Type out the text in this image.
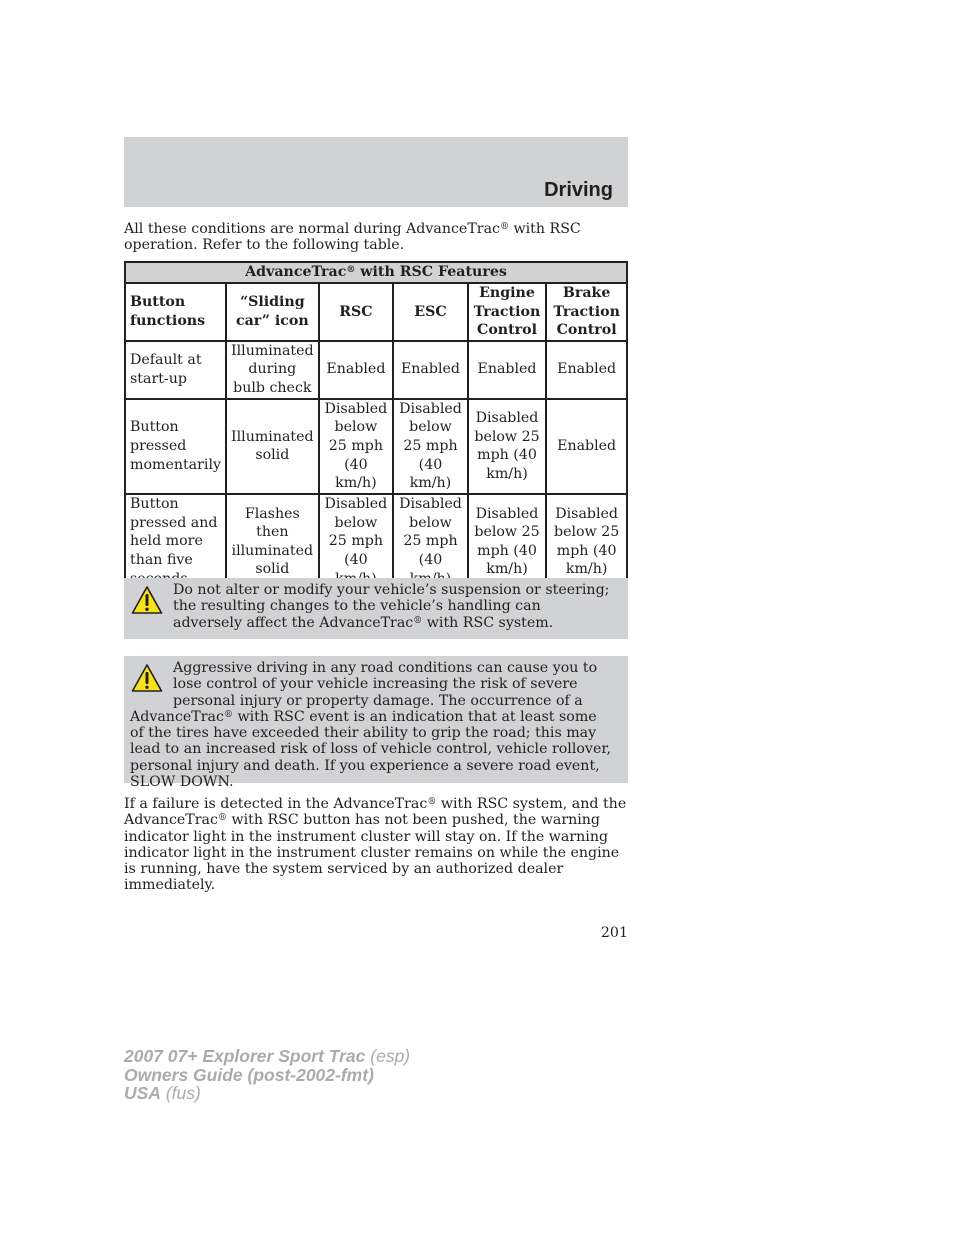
Driving
All these conditions are normal during AdvanceTrac® with RSC operation. Refer to the following table.
AdvanceTrac® with RSC Features					
Button functions	“Sliding car” icon	RSC	ESC	Engine Traction Control	Brake Traction Control
Default at start-up	Illuminated during bulb check	Enabled	Enabled	Enabled	Enabled
Button pressed momentarily	Illuminated solid	Disabled below 25 mph (40 km/h)	Disabled below 25 mph (40 km/h)	Disabled below 25 mph (40 km/h)	Enabled
Button pressed and held more than five	Flashes then illuminated solid	Disabled below 25 mph (40	Disabled below 25 mph (40	Disabled below 25 mph (40 km/h)	Disabled below 25 mph (40 km/h)
Do not alter or modify your vehicle’s suspension or steering; the resulting changes to the vehicle’s handling can adversely affect the AdvanceTrac® with RSC system.
Aggressive driving in any road conditions can cause you to lose control of your vehicle increasing the risk of severe personal injury or property damage. The occurrence of a AdvanceTrac® with RSC event is an indication that at least some of the tires have exceeded their ability to grip the road; this may lead to an increased risk of loss of vehicle control, vehicle rollover, personal injury and death. If you experience a severe road event, SLOW DOWN.
If a failure is detected in the AdvanceTrac® with RSC system, and the AdvanceTrac® with RSC button has not been pushed, the warning indicator light in the instrument cluster will stay on. If the warning indicator light in the instrument cluster remains on while the engine is running, have the system serviced by an authorized dealer immediately.
201
2007 07+ Explorer Sport Trac (esp)
Owners Guide (post-2002-fmt)
USA (fus)
